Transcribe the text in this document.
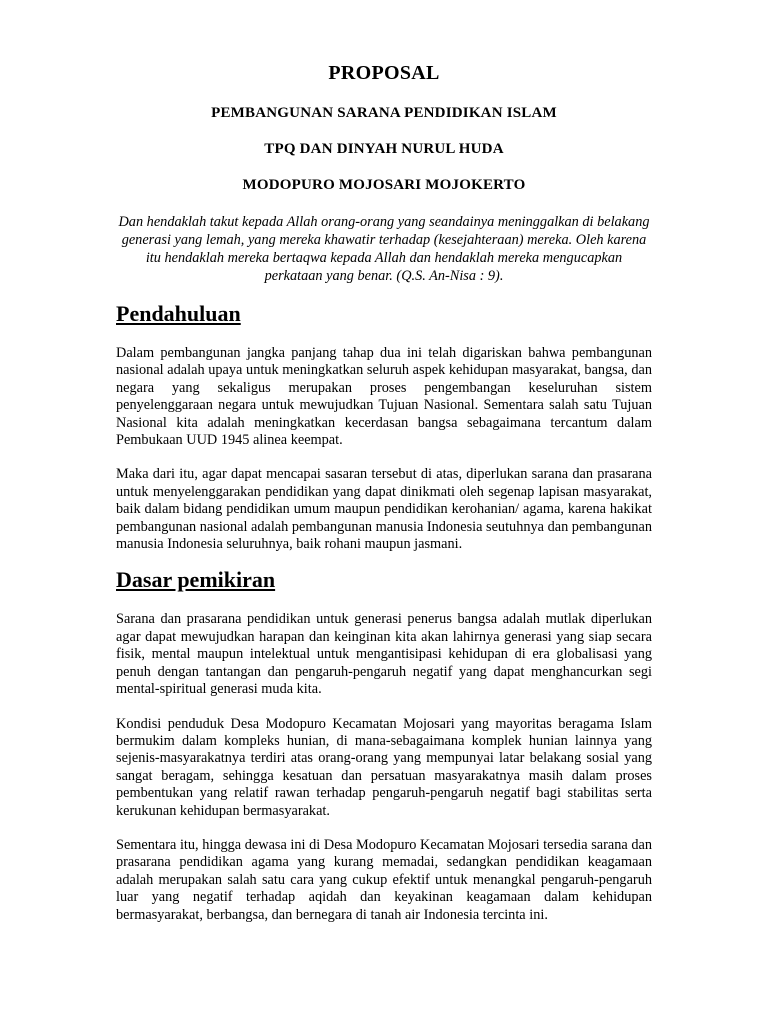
PROPOSAL
PEMBANGUNAN SARANA PENDIDIKAN ISLAM
TPQ DAN DINYAH NURUL HUDA
MODOPURO MOJOSARI MOJOKERTO
Dan hendaklah takut kepada Allah orang-orang yang seandainya meninggalkan di belakang generasi yang lemah, yang mereka khawatir terhadap (kesejahteraan) mereka. Oleh karena itu hendaklah mereka bertaqwa kepada Allah dan hendaklah mereka mengucapkan perkataan yang benar. (Q.S. An-Nisa : 9).
Pendahuluan

Dalam pembangunan jangka panjang tahap dua ini telah digariskan bahwa pembangunan nasional adalah upaya untuk meningkatkan seluruh aspek kehidupan masyarakat, bangsa, dan negara yang sekaligus merupakan proses pengembangan keseluruhan sistem penyelenggaraan negara untuk mewujudkan Tujuan Nasional. Sementara salah satu Tujuan Nasional kita adalah meningkatkan kecerdasan bangsa sebagaimana tercantum dalam Pembukaan UUD 1945 alinea keempat.

Maka dari itu, agar dapat mencapai sasaran tersebut di atas, diperlukan sarana dan prasarana untuk menyelenggarakan pendidikan yang dapat dinikmati oleh segenap lapisan masyarakat, baik dalam bidang pendidikan umum maupun pendidikan kerohanian/ agama, karena hakikat pembangunan nasional adalah pembangunan manusia Indonesia seutuhnya dan pembangunan manusia Indonesia seluruhnya, baik rohani maupun jasmani.

Dasar pemikiran

Sarana dan prasarana pendidikan untuk generasi penerus bangsa adalah mutlak diperlukan agar dapat mewujudkan harapan dan keinginan kita akan lahirnya generasi yang siap secara fisik, mental maupun intelektual untuk mengantisipasi kehidupan di era globalisasi yang penuh dengan tantangan dan pengaruh-pengaruh negatif yang dapat menghancurkan segi mental-spiritual generasi muda kita.

Kondisi penduduk Desa Modopuro Kecamatan Mojosari yang mayoritas beragama Islam bermukim dalam kompleks hunian, di mana-sebagaimana komplek hunian lainnya yang sejenis-masyarakatnya terdiri atas orang-orang yang mempunyai latar belakang sosial yang sangat beragam, sehingga kesatuan dan persatuan masyarakatnya masih dalam proses pembentukan yang relatif rawan terhadap pengaruh-pengaruh negatif bagi stabilitas serta kerukunan kehidupan bermasyarakat.

Sementara itu, hingga dewasa ini di Desa Modopuro Kecamatan Mojosari tersedia sarana dan prasarana pendidikan agama yang kurang memadai, sedangkan pendidikan keagamaan adalah merupakan salah satu cara yang cukup efektif untuk menangkal pengaruh-pengaruh luar yang negatif terhadap aqidah dan keyakinan keagamaan dalam kehidupan bermasyarakat, berbangsa, dan bernegara di tanah air Indonesia tercinta ini.
